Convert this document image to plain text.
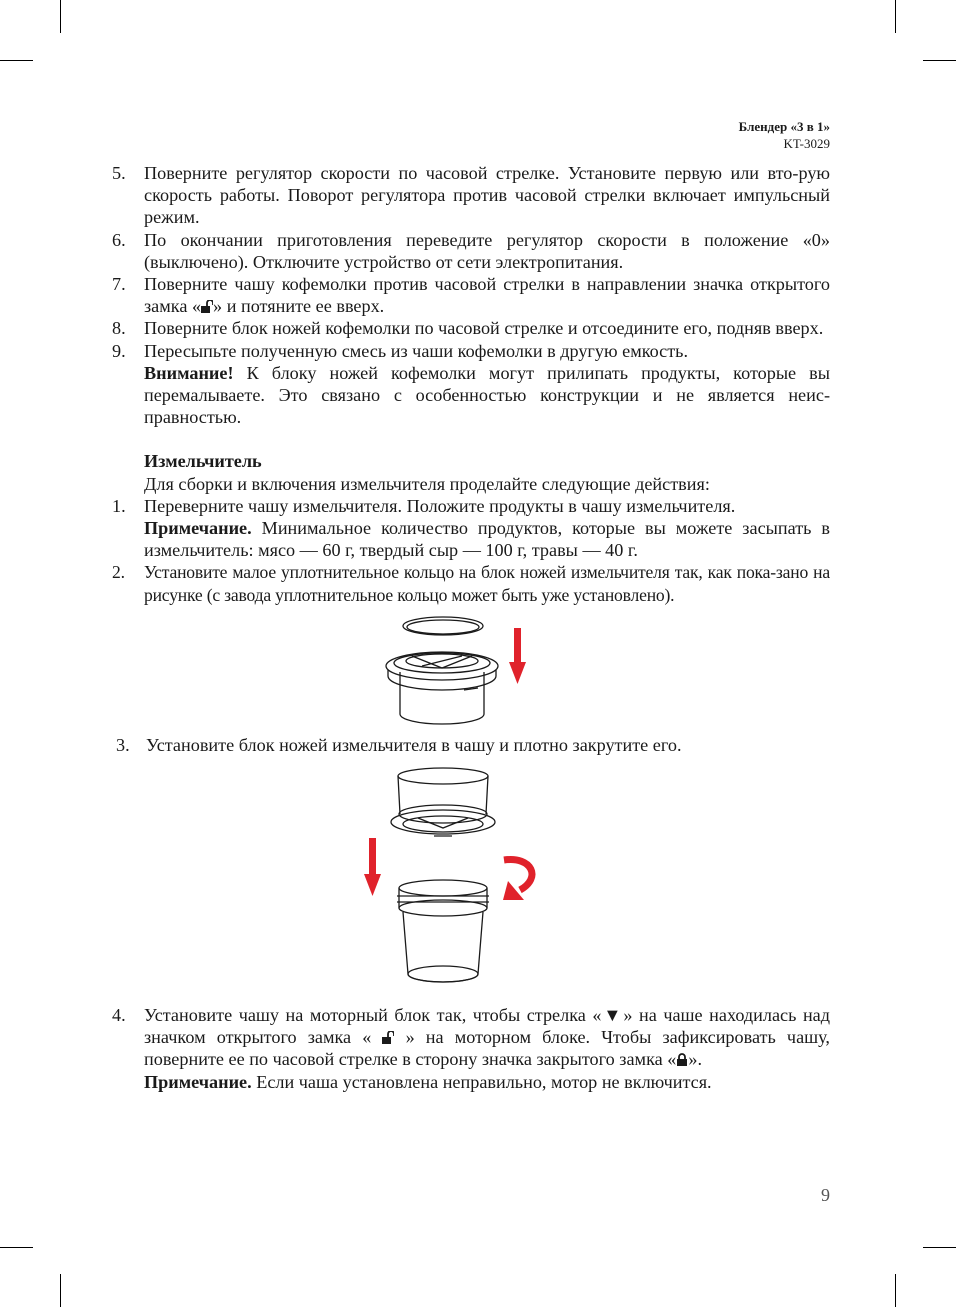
Блендер «3 в 1»
KT-3029
5. Поверните регулятор скорости по часовой стрелке. Установите первую или вто-рую скорость работы. Поворот регулятора против часовой стрелки включает импульсный режим.
6. По окончании приготовления переведите регулятор скорости в положение «0» (выключено). Отключите устройство от сети электропитания.
7. Поверните чашу кофемолки против часовой стрелки в направлении значка открытого замка « » и потяните ее вверх.
8. Поверните блок ножей кофемолки по часовой стрелке и отсоедините его, подняв вверх.
9. Пересыпьте полученную смесь из чаши кофемолки в другую емкость.
Внимание! К блоку ножей кофемолки могут прилипать продукты, которые вы перемалываете. Это связано с особенностью конструкции и не является неис-правностью.
Измельчитель
Для сборки и включения измельчителя проделайте следующие действия:
1. Переверните чашу измельчителя. Положите продукты в чашу измельчителя.
Примечание. Минимальное количество продуктов, которые вы можете засыпать в измельчитель: мясо — 60 г, твердый сыр — 100 г, травы — 40 г.
2. Установите малое уплотнительное кольцо на блок ножей измельчителя так, как пока-зано на рисунке (с завода уплотнительное кольцо может быть уже установлено).
3. Установите блок ножей измельчителя в чашу и плотно закрутите его.
4. Установите чашу на моторный блок так, чтобы стрелка «▼» на чаше находилась над значком открытого замка «  » на моторном блоке. Чтобы зафиксировать чашу, поверните ее по часовой стрелке в сторону значка закрытого замка « ».
Примечание. Если чаша установлена неправильно, мотор не включится.
9
